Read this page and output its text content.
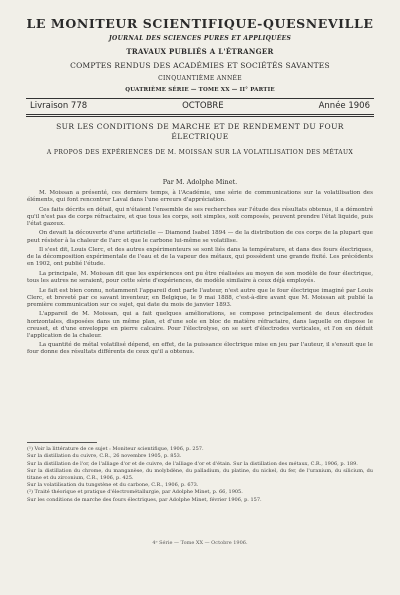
LE MONITEUR SCIENTIFIQUE-QUESNEVILLE
JOURNAL DES SCIENCES PURES ET APPLIQUÉES
TRAVAUX PUBLIÉS A L'ÉTRANGER
COMPTES RENDUS DES ACADÉMIES ET SOCIÉTÉS SAVANTES
CINQUANTIÈME ANNÉE
QUATRIÈME SÉRIE — TOME XX — II° PARTIE
Livraison 778	OCTOBRE	Année 1906
SUR LES CONDITIONS DE MARCHE ET DE RENDEMENT DU FOUR ÉLECTRIQUE
A PROPOS DES EXPÉRIENCES DE M. MOISSAN SUR LA VOLATILISATION DES MÉTAUX
Par M. Adolphe Minet.

M. Moissan a présenté, ces derniers temps, à l'Académie, une série de communications sur la volatilisation des éléments, qui font rencontrer Laval dans l'une erreurs d'appréciation.

Ces faits décrits en détail, qui n'étaient l'ensemble de ses recherches sur l'étude des résultats obtenus, il a démontré qu'il n'est pas de corps réfractaire, et que tous les corps, soit simples, soit composés, peuvent prendre l'état liquide, puis l'état gazeux.

On devait la découverte d'une artificielle — Diamond Isabel 1894 — de la distribution de ces corps de la plupart que peut résister à la chaleur de l'arc et que le carbone lui-même se volatilise.

Il s'est dit, Louis Clerc, et des autres expérimenteurs se sont liés dans la température, et dans des fours électriques, de la décomposition expérimentale de l'eau et de la vapeur des métaux, qui possèdent une grande fixité. Les précédents en 1902, ont publié l'étude.

La principale, M. Moissan dit que les expériences ont pu être réalisées au moyen de son modèle de four électrique, tous les autres ne seraient, pour cette série d'expériences, de modèle similaire à ceux déjà employés.

Le fait est bien connu, notamment l'appareil dont parle l'auteur, n'est autre que le four électrique imaginé par Louis Clerc, et breveté par ce savant inventeur, en Belgique, le 9 mai 1888, c'est-à-dire avant que M. Moissan ait publié la première communication sur ce sujet, qui date du mois de janvier 1893.

L'appareil de M. Moissan, qui a fait quelques améliorations, se compose principalement de deux électrodes horizontales, disposées dans un même plan, et d'une sole en bloc de matière réfractaire, dans laquelle on dispose le creuset, et d'une enveloppe en pierre calcaire. Pour l'électrolyse, on se sert d'électrodes verticales, et l'on en déduit l'application de la chaleur.

La quantité de métal volatilisé dépend, en effet, de la puissance électrique mise en jeu par l'auteur, il s'ensuit que le four donne des résultats différents de ceux qu'il a obtenus.

(¹) Voir la littérature de ce sujet : Moniteur scientifique, 1906, p. 257.

Sur la distillation du cuivre, C.R., 26 novembre 1905, p. 853.

Sur la distillation de l'or, de l'alliage d'or et de cuivre, de l'alliage d'or et d'étain. Sur la distillation des métaux, C.R., 1906, p. 189.

Sur la distillation du chrome, du manganèse, du molybdène, du palladium, du platine, du nickel, du fer, de l'uranium, du silicium, du titane et du zirconium, C.R., 1906, p. 425.

Sur la volatilisation du tungstène et du carbone, C.R., 1906, p. 673.

(²) Traité théorique et pratique d'électrométallurgie, par Adolphe Minet, p. 66, 1905.

Sur les conditions de marche des fours électriques, par Adolphe Minet, février 1906, p. 157.

4ᵉ Série — Tome XX — Octobre 1906.
